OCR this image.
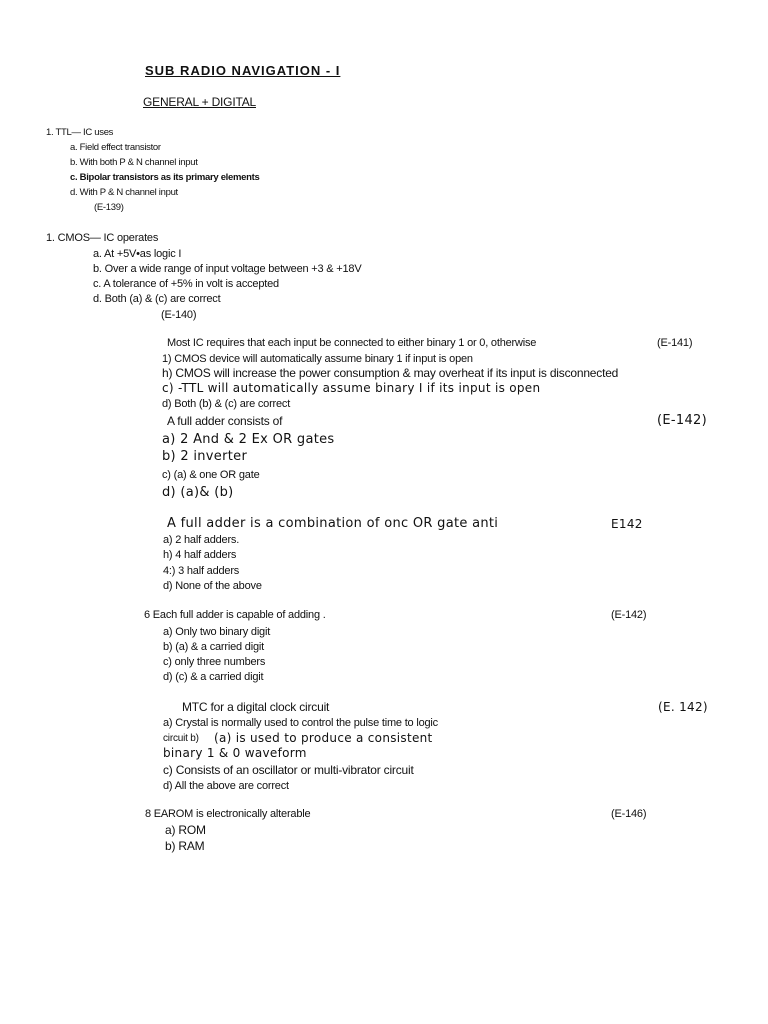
SUB RADIO NAVIGATION - I
GENERAL + DIGITAL
1. TTL— IC uses
a. Field effect transistor
b. With both P & N channel input
c. Bipolar transistors as its primary elements
d. With P & N channel input
(E-139)
1. CMOS— IC operates
a. At +5V•as logic I
b. Over a wide range of input voltage between +3 & +18V
c. A tolerance of +5% in volt is accepted
d. Both (a) & (c) are correct
(E-140)
Most IC requires that each input be connected to either binary 1 or 0, otherwise	(E-141)
1) CMOS device will automatically assume binary 1 if input is open
h) CMOS will increase the power consumption & may overheat if its input is disconnected
c) -TTL will automatically assume binary I if its input is open
d) Both (b) & (c) are correct
A full adder consists of	(E-142)
a) 2 And & 2 Ex OR gates
b) 2 inverter
c) (a) & one OR gate
d) (a)& (b)
A full adder is a combination of onc OR gate anti	E142
a) 2 half adders.
h) 4 half adders
4:) 3 half adders
d) None of the above
6 Each full adder is capable of adding .	(E-142)
a) Only two binary digit
b) (a) & a carried digit
c) only three numbers
d) (c) & a carried digit
MTC for a digital clock circuit	(E. 142)
a) Crystal is normally used to control the pulse time to logic
circuit b) (a) is used to produce a consistent
binary 1 & 0 waveform
c) Consists of an oscillator or multi-vibrator circuit
d) All the above are correct
8 EAROM is electronically alterable	(E-146)
a) ROM
b) RAM
